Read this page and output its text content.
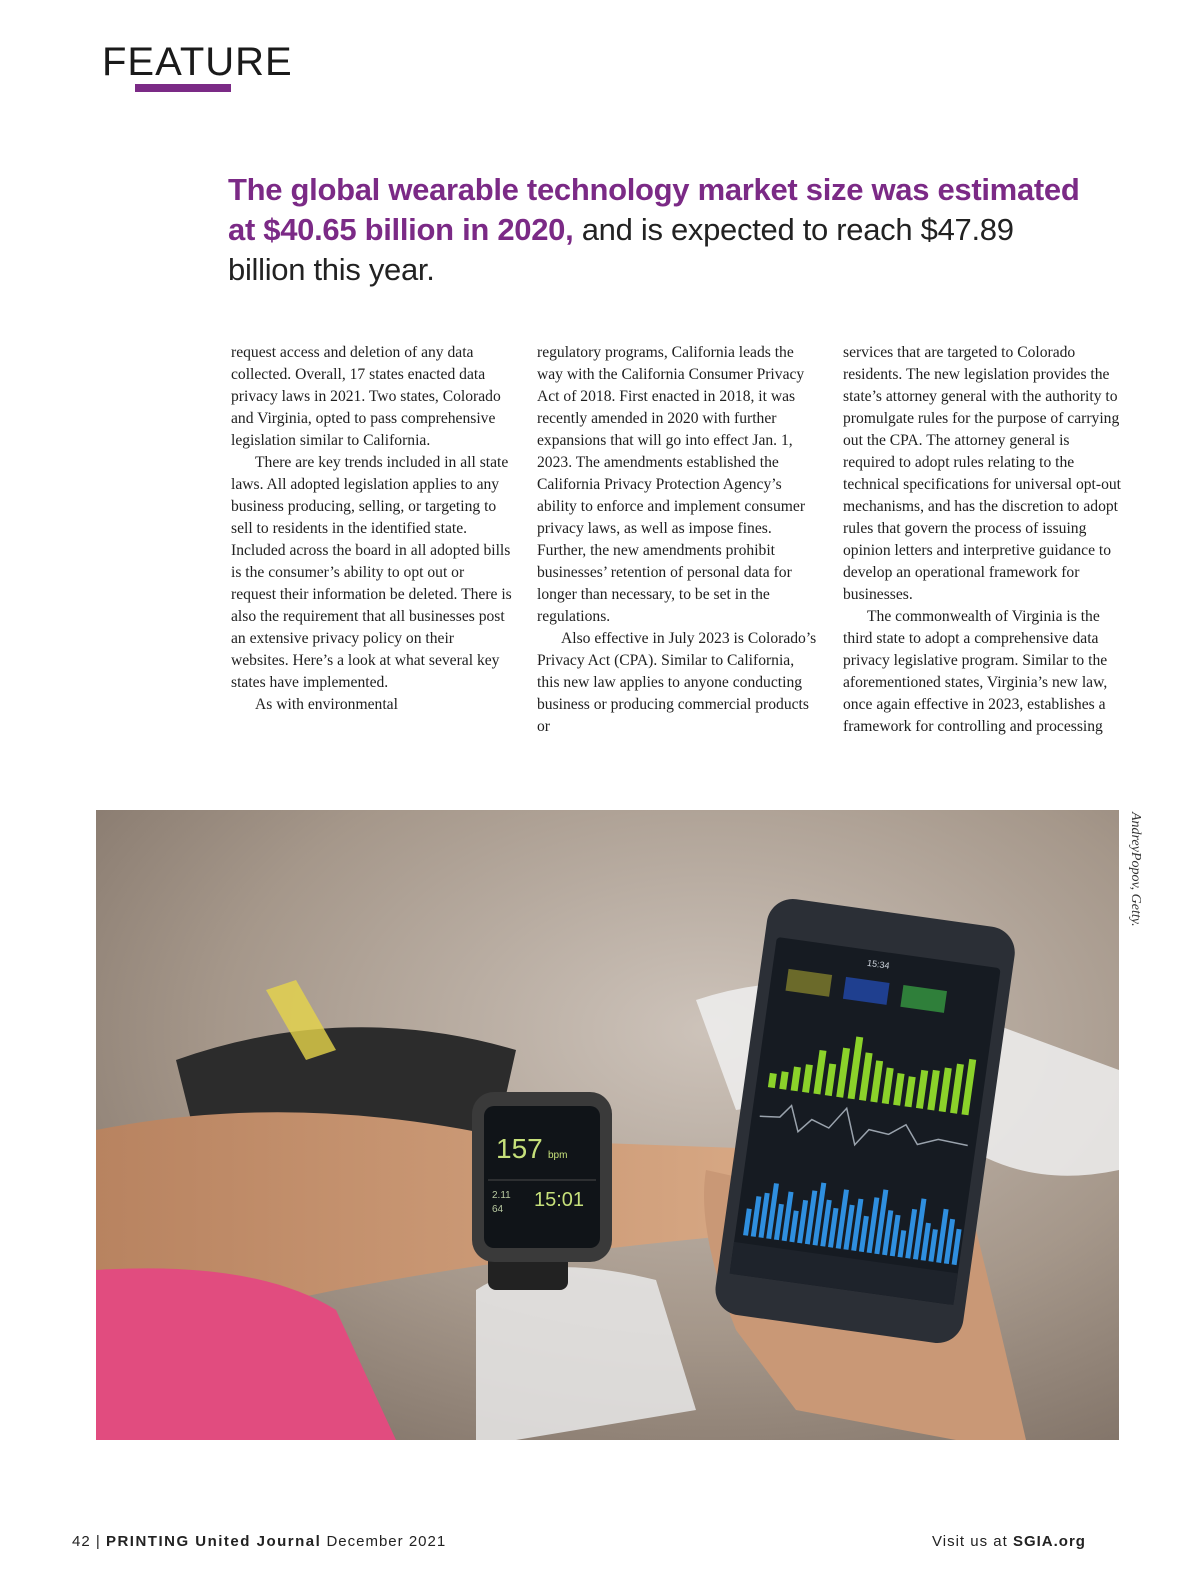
FEATURE
The global wearable technology market size was estimated at $40.65 billion in 2020, and is expected to reach $47.89 billion this year.

request access and deletion of any data collected. Overall, 17 states enacted data privacy laws in 2021. Two states, Colorado and Virginia, opted to pass comprehensive legislation similar to California.

There are key trends included in all state laws. All adopted legislation applies to any business producing, selling, or targeting to sell to residents in the identified state. Included across the board in all adopted bills is the consumer’s ability to opt out or request their information be deleted. There is also the requirement that all businesses post an extensive privacy policy on their websites. Here’s a look at what several key states have implemented.

As with environmental

regulatory programs, California leads the way with the California Consumer Privacy Act of 2018. First enacted in 2018, it was recently amended in 2020 with further expansions that will go into effect Jan. 1, 2023. The amendments established the California Privacy Protection Agency’s ability to enforce and implement consumer privacy laws, as well as impose fines. Further, the new amendments prohibit businesses’ retention of personal data for longer than necessary, to be set in the regulations.

Also effective in July 2023 is Colorado’s Privacy Act (CPA). Similar to California, this new law applies to anyone conducting business or producing commercial products or

services that are targeted to Colorado residents. The new legislation provides the state’s attorney general with the authority to promulgate rules for the purpose of carrying out the CPA. The attorney general is required to adopt rules relating to the technical specifications for universal opt-out mechanisms, and has the discretion to adopt rules that govern the process of issuing opinion letters and interpretive guidance to develop an operational framework for businesses.

The commonwealth of Virginia is the third state to adopt a comprehensive data privacy legislative program. Similar to the aforementioned states, Virginia’s new law, once again effective in 2023, establishes a framework for controlling and processing

157 bpm
2.11
64 15:01
15:34
AndreyPopov, Getty.
42 | PRINTING United Journal December 2021	Visit us at SGIA.org
